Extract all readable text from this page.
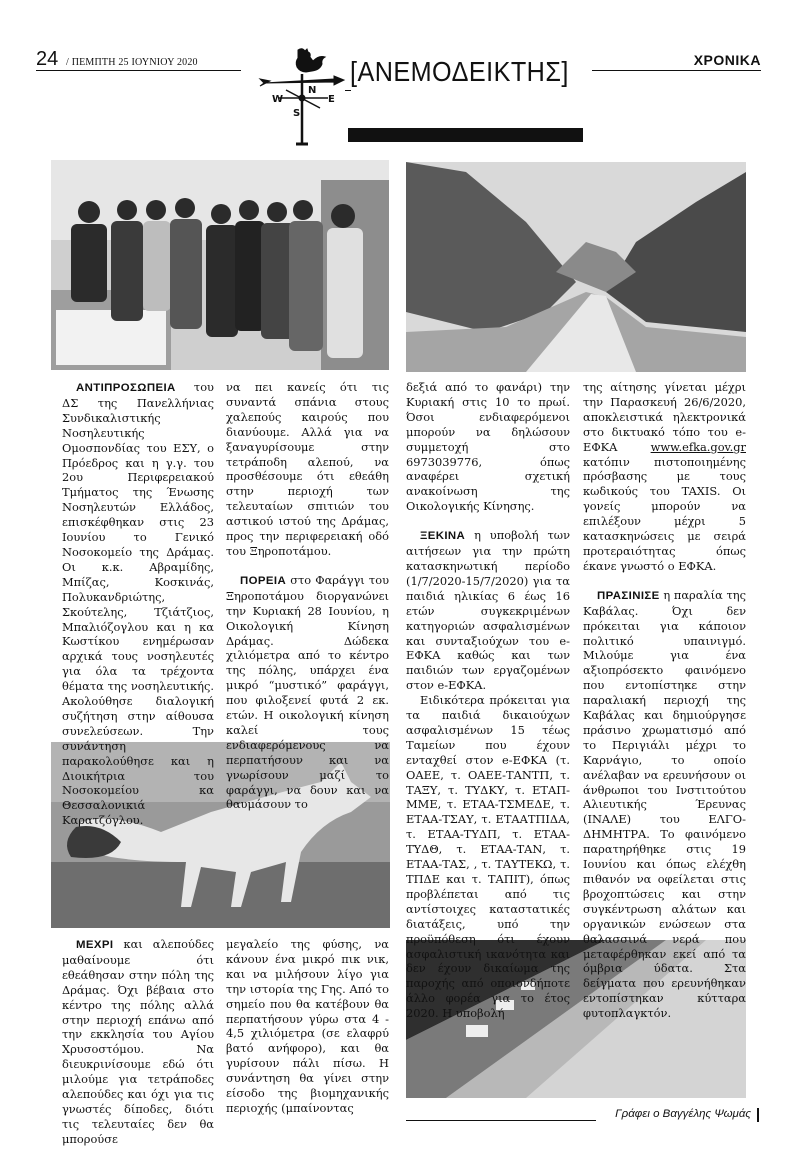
24 / ΠΕΜΠΤΗ 25 ΙΟΥΝΙΟΥ 2020	ΧΡΟΝΙΚΑ
W	E
N
S
[ΑΝΕΜΟΔΕΙΚΤΗΣ]

ΑΝΤΙΠΡΟΣΩΠΕΙΑ του ΔΣ της Πανελλήνιας Συνδικαλιστικής Νοσηλευτικής Ομοσπονδίας του ΕΣΥ, ο Πρόεδρος και η γ.γ. του 2ου Περιφερειακού Τμήματος της Ένωσης Νοσηλευτών Ελλάδος, επισκέφθηκαν στις 23 Ιουνίου το Γενικό Νοσοκομείο της Δράμας. Οι κ.κ. Αβραμίδης, Μπίζας, Κοσκινάς, Πολυκανδριώτης, Σκούτελης, Τζιάτζιος, Μπαλιόζογλου και η κα Κωστίκου ενημέρωσαν αρχικά τους νοσηλευτές για όλα τα τρέχοντα θέματα της νοσηλευτικής. Ακολούθησε διαλογική συζήτηση στην αίθουσα συνελεύσεων. Την συνάντηση παρακολούθησε και η Διοικήτρια του Νοσοκομείου κα Θεσσαλονικιά Καρατζόγλου.

να πει κανείς ότι τις συναντά σπάνια στους χαλεπούς καιρούς που διανύουμε. Αλλά για να ξαναγυρίσουμε στην τετράποδη αλεπού, να προσθέσουμε ότι εθεάθη στην περιοχή των τελευταίων σπιτιών του αστικού ιστού της Δράμας, προς την περιφερειακή οδό του Ξηροποτάμου.

ΠΟΡΕΙΑ στο Φαράγγι του Ξηροποτάμου διοργανώνει την Κυριακή 28 Ιουνίου, η Οικολογική Κίνηση Δράμας. Δώδεκα χιλιόμετρα από το κέντρο της πόλης, υπάρχει ένα μικρό “μυστικό” φαράγγι, που φιλοξενεί φυτά 2 εκ. ετών. Η οικολογική κίνηση καλεί τους ενδιαφερόμενους να περπατήσουν και να γνωρίσουν μαζί το φαράγγι, να δουν και να θαυμάσουν το

ΜΕΧΡΙ και αλεπούδες μαθαίνουμε ότι εθεάθησαν στην πόλη της Δράμας. Όχι βέβαια στο κέντρο της πόλης αλλά στην περιοχή επάνω από την εκκλησία του Αγίου Χρυσοστόμου. Να διευκρινίσουμε εδώ ότι μιλούμε για τετράποδες αλεπούδες και όχι για τις γνωστές δίποδες, διότι τις τελευταίες δεν θα μπορούσε

μεγαλείο της φύσης, να κάνουν ένα μικρό πικ νικ, και να μιλήσουν λίγο για την ιστορία της Γης. Από το σημείο που θα κατέβουν θα περπατήσουν γύρω στα 4 - 4,5 χιλιόμετρα (σε ελαφρύ βατό ανήφορο), και θα γυρίσουν πάλι πίσω. Η συνάντηση θα γίνει στην είσοδο της βιομηχανικής περιοχής (μπαίνοντας

δεξιά από το φανάρι) την Κυριακή στις 10 το πρωί. Όσοι ενδιαφερόμενοι μπορούν να δηλώσουν συμμετοχή στο 6973039776, όπως αναφέρει σχετική ανακοίνωση της Οικολογικής Κίνησης.

ΞΕΚΙΝΑ η υποβολή των αιτήσεων για την πρώτη κατασκηνωτική περίοδο (1/7/2020-15/7/2020) για τα παιδιά ηλικίας 6 έως 16 ετών συγκεκριμένων κατηγοριών ασφαλισμένων και συνταξιούχων του e-ΕΦΚΑ καθώς και των παιδιών των εργαζομένων στον e-ΕΦΚΑ.

Ειδικότερα πρόκειται για τα παιδιά δικαιούχων ασφαλισμένων 15 τέως Ταμείων που έχουν ενταχθεί στον e-ΕΦΚΑ (τ. ΟΑΕΕ, τ. ΟΑΕΕ-ΤΑΝΤΠ, τ. ΤΑΞΥ, τ. ΤΥΔΚΥ, τ. ΕΤΑΠ-ΜΜΕ, τ. ΕΤΑΑ-ΤΣΜΕΔΕ, τ. ΕΤΑΑ-ΤΣΑΥ, τ. ΕΤΑΑΤΠΙΔΑ, τ. ΕΤΑΑ-ΤΥΔΠ, τ. ΕΤΑΑ-ΤΥΔΘ, τ. ΕΤΑΑ-ΤΑΝ, τ. ΕΤΑΑ-ΤΑΣ, , τ. ΤΑΥΤΕΚΩ, τ. ΤΠΔΕ και τ. ΤΑΠΙΤ), όπως προβλέπεται από τις αντίστοιχες καταστατικές διατάξεις, υπό την προϋπόθεση ότι έχουν ασφαλιστική ικανότητα και δεν έχουν δικαίωμα της παροχής από οποιονδήποτε άλλο φορέα για το έτος 2020. Η υποβολή

της αίτησης γίνεται μέχρι την Παρασκευή 26/6/2020, αποκλειστικά ηλεκτρονικά στο δικτυακό τόπο του e-ΕΦΚΑ www.efka.gov.gr κατόπιν πιστοποιημένης πρόσβασης με τους κωδικούς του TAXIS. Οι γονείς μπορούν να επιλέξουν μέχρι 5 κατασκηνώσεις με σειρά προτεραιότητας όπως έκανε γνωστό ο ΕΦΚΑ.

ΠΡΑΣΙΝΙΣΕ η παραλία της Καβάλας. Όχι δεν πρόκειται για κάποιον πολιτικό υπαινιγμό. Μιλούμε για ένα αξιοπρόσεκτο φαινόμενο που εντοπίστηκε στην παραλιακή περιοχή της Καβάλας και δημιούργησε πράσινο χρωματισμό από το Περιγιάλι μέχρι το Καρνάγιο, το οποίο ανέλαβαν να ερευνήσουν οι άνθρωποι του Ινστιτούτου Αλιευτικής Έρευνας (ΙΝΑΛΕ) του ΕΛΓΟ- ΔΗΜΗΤΡΑ. Το φαινόμενο παρατηρήθηκε στις 19 Ιουνίου και όπως ελέχθη πιθανόν να οφείλεται στις βροχοπτώσεις και στην συγκέντρωση αλάτων και οργανικών ενώσεων στα θαλασσινά νερά που μεταφέρθηκαν εκεί από τα όμβρια ύδατα. Στα δείγματα που ερευνήθηκαν εντοπίστηκαν κύτταρα φυτοπλαγκτόν.

Γράφει ο Βαγγέλης Ψωμάς
